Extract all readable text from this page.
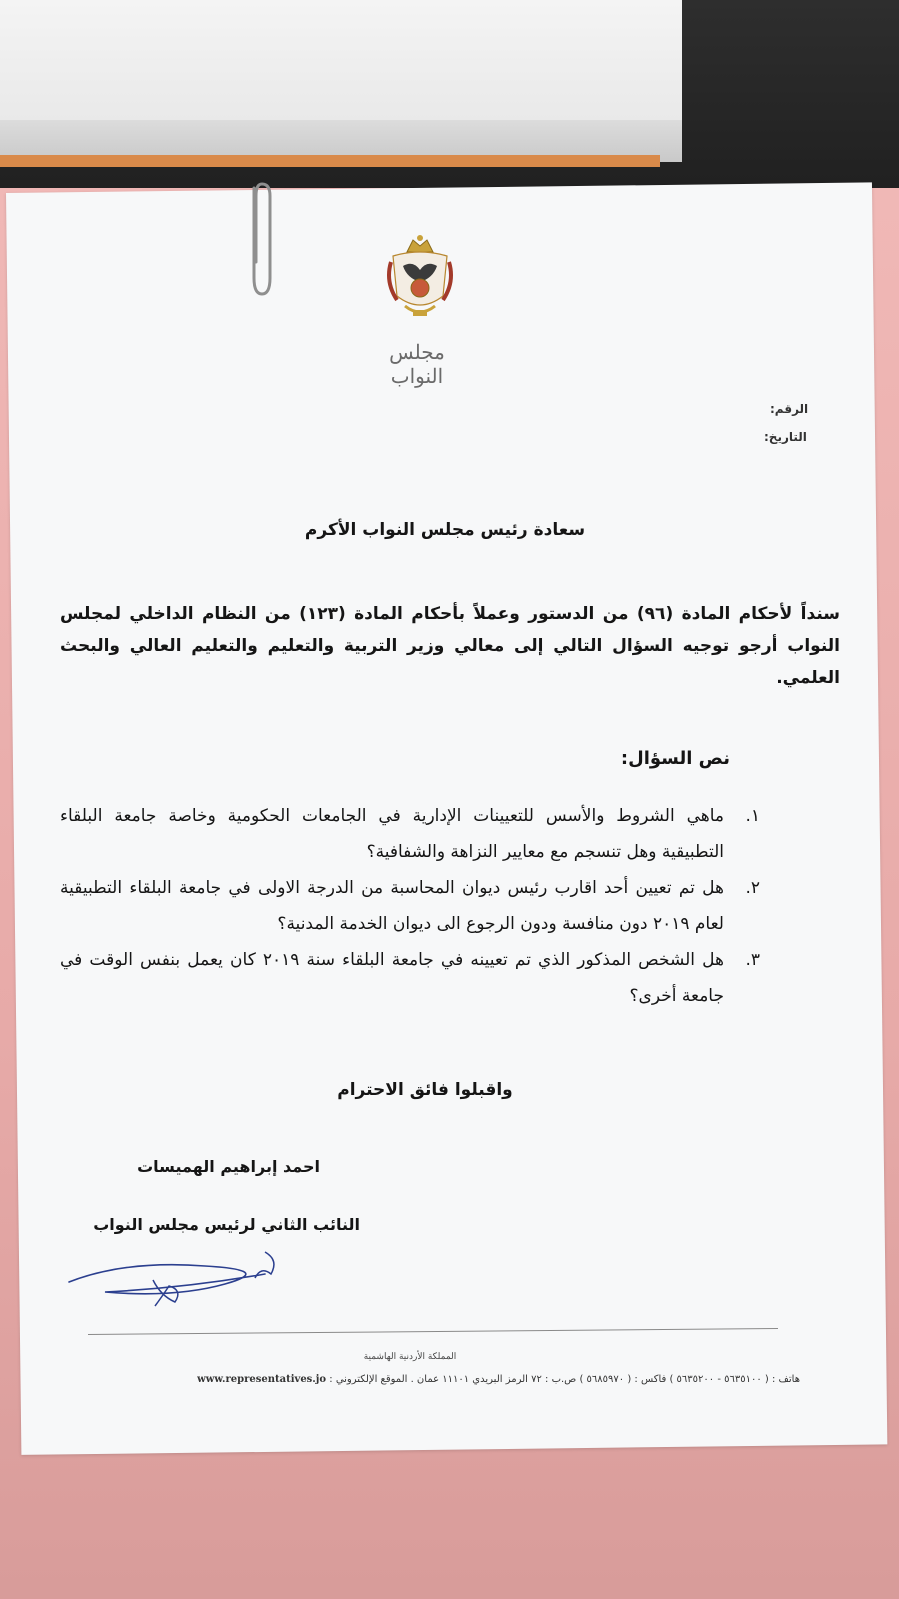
مجلس النواب
الرقم:
التاريخ:
سعادة رئيس مجلس النواب الأكرم
سنداً لأحكام المادة (٩٦) من الدستور وعملاً بأحكام المادة (١٢٣) من النظام الداخلي لمجلس النواب أرجو توجيه السؤال التالي إلى معالي وزير التربية والتعليم والتعليم العالي والبحث العلمي.
نص السؤال:
١.
ماهي الشروط والأسس للتعيينات الإدارية في الجامعات الحكومية وخاصة جامعة البلقاء التطبيقية وهل تنسجم مع معايير النزاهة والشفافية؟
٢.
هل تم تعيين أحد اقارب رئيس ديوان المحاسبة من الدرجة الاولى في جامعة البلقاء التطبيقية لعام ٢٠١٩ دون منافسة ودون الرجوع الى ديوان الخدمة المدنية؟
٣.
هل الشخص المذكور الذي تم تعيينه في جامعة البلقاء سنة ٢٠١٩ كان يعمل بنفس الوقت في جامعة أخرى؟
واقبلوا فائق الاحترام
احمد إبراهيم الهميسات
النائب الثاني لرئيس مجلس النواب
المملكة الأردنية الهاشمية
هاتف : ( ٥٦٣٥١٠٠ - ٥٦٣٥٢٠٠ ) فاكس : ( ٥٦٨٥٩٧٠ ) ص.ب : ٧٢ الرمز البريدي ١١١٠١ عمان . الموقع الإلكتروني : www.representatives.jo
